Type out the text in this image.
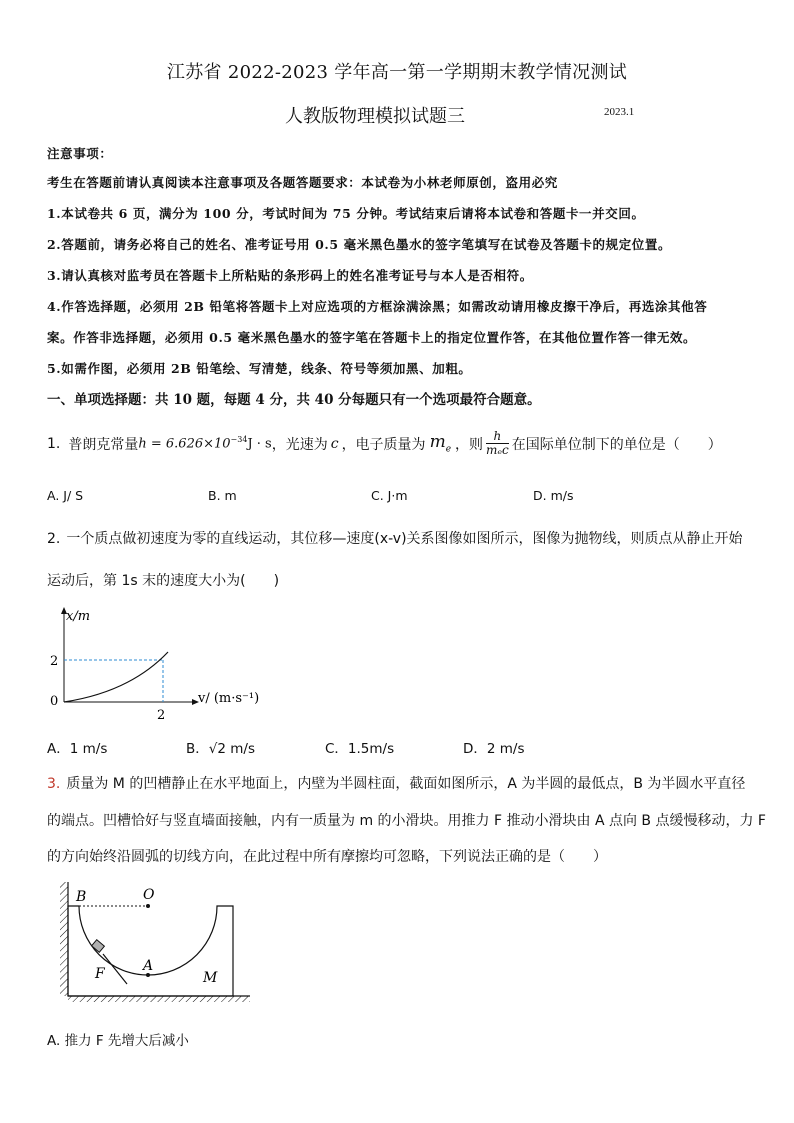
江苏省 2022-2023 学年高一第一学期期末教学情况测试
人教版物理模拟试题三	2023.1
注意事项：
考生在答题前请认真阅读本注意事项及各题答题要求：本试卷为小林老师原创，盗用必究
1.本试卷共 6 页，满分为 100 分，考试时间为 75 分钟。考试结束后请将本试卷和答题卡一并交回。
2.答题前，请务必将自己的姓名、准考证号用 0.5 毫米黑色墨水的签字笔填写在试卷及答题卡的规定位置。
3.请认真核对监考员在答题卡上所粘贴的条形码上的姓名准考证号与本人是否相符。
4.作答选择题，必须用 2B 铅笔将答题卡上对应选项的方框涂满涂黑；如需改动请用橡皮擦干净后，再选涂其他答
案。作答非选择题，必须用 0.5 毫米黑色墨水的签字笔在答题卡上的指定位置作答，在其他位置作答一律无效。
5.如需作图，必须用 2B 铅笔绘、写清楚，线条、符号等须加黑、加粗。
一、单项选择题：共 10 题，每题 4 分，共 40 分每题只有一个选项最符合题意。
1. 普朗克常量 $h = 6.626\times 10^{-34}J \cdot s$ ，光速为 c ，电子质量为 $m_e$ ，则 $\frac{h}{\text{mₑc}}$ 在国际单位制下的单位是（　　）
A. J/ S	B. m	C. J·m	D. m/s
2. 一个质点做初速度为零的直线运动，其位移—速度(x-v)关系图像如图所示，图像为抛物线，则质点从静止开始
运动后，第 1s 末的速度大小为(　　)
x/m
v/ (m·s⁻¹)
0
2
2
A．1 m/s	B．√2 m/s	C．1.5m/s	D．2 m/s
3. 质量为 M 的凹槽静止在水平地面上，内壁为半圆柱面，截面如图所示，A 为半圆的最低点，B 为半圆水平直径
的端点。凹槽恰好与竖直墙面接触，内有一质量为 m 的小滑块。用推力 F 推动小滑块由 A 点向 B 点缓慢移动，力 F
的方向始终沿圆弧的切线方向，在此过程中所有摩擦均可忽略，下列说法正确的是（　　）
B	O
A
F	M
A. 推力 F 先增大后减小
